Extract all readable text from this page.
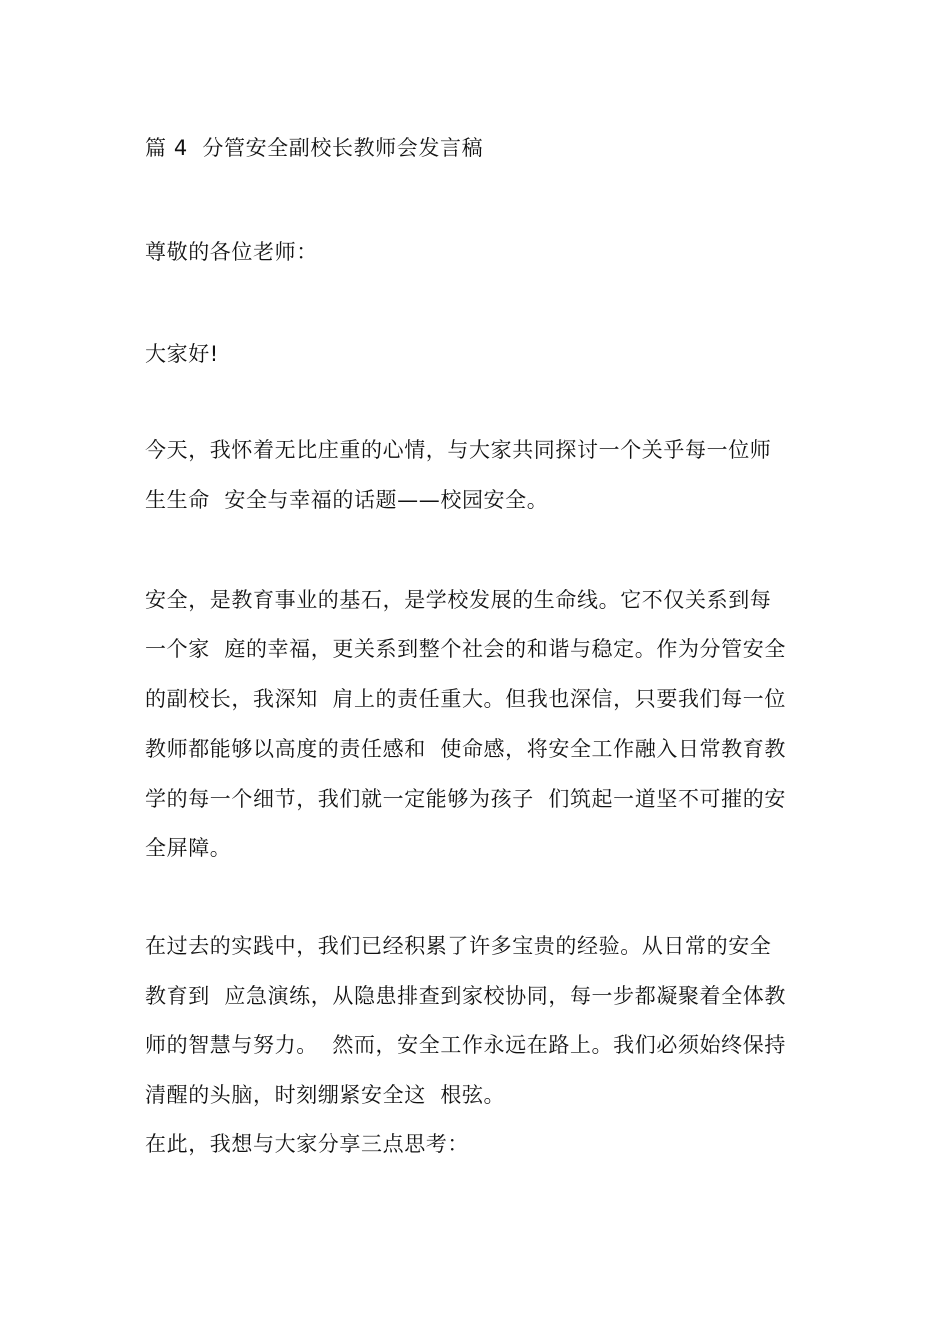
篇 4  分管安全副校长教师会发言稿
尊敬的各位老师：
大家好!
今天，我怀着无比庄重的心情，与大家共同探讨一个关乎每一位师
生生命  安全与幸福的话题——校园安全。
安全，是教育事业的基石，是学校发展的生命线。它不仅关系到每
一个家  庭的幸福，更关系到整个社会的和谐与稳定。作为分管安全
的副校长，我深知  肩上的责任重大。但我也深信，只要我们每一位
教师都能够以高度的责任感和  使命感，将安全工作融入日常教育教
学的每一个细节，我们就一定能够为孩子  们筑起一道坚不可摧的安
全屏障。
在过去的实践中，我们已经积累了许多宝贵的经验。从日常的安全
教育到  应急演练，从隐患排查到家校协同，每一步都凝聚着全体教
师的智慧与努力。  然而，安全工作永远在路上。我们必须始终保持
清醒的头脑，时刻绷紧安全这  根弦。
在此，我想与大家分享三点思考：
